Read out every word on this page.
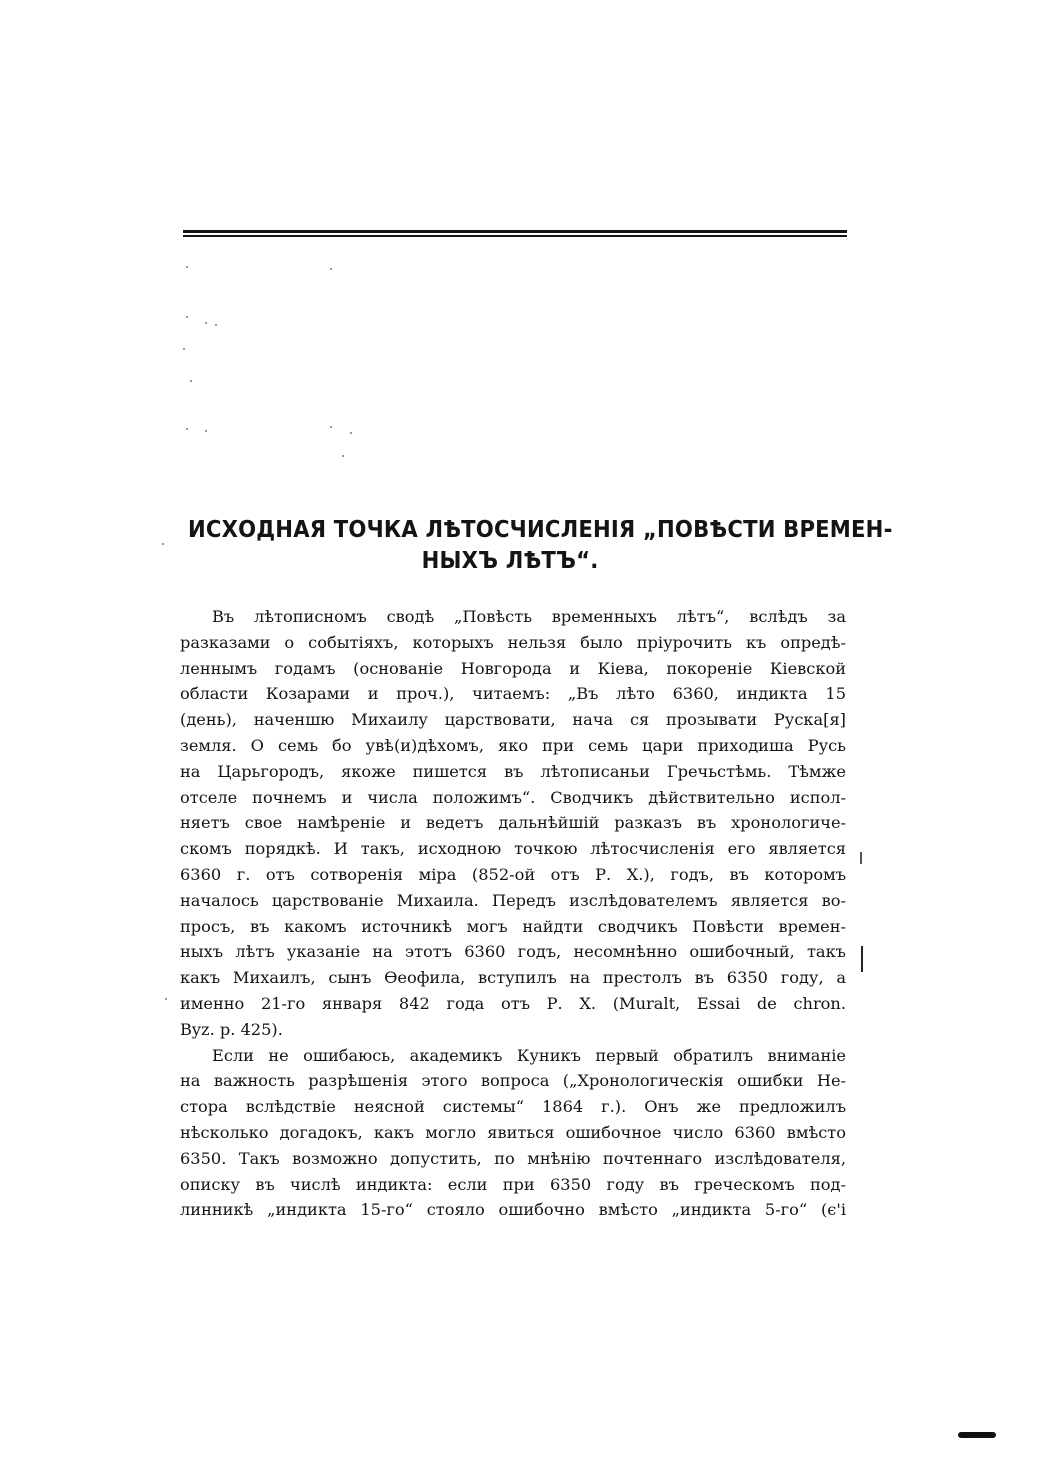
ИСХОДНАЯ ТОЧКА ЛѢТОСЧИСЛЕНІЯ „ПОВѢСТИ ВРЕМЕН-
НЫХЪ ЛѢТЪ“.

Въ лѣтописномъ сводѣ „Повѣсть временныхъ лѣтъ“, вслѣдъ за
разказами о событіяхъ, которыхъ нельзя было пріурочить къ опредѣ-
леннымъ годамъ (основаніе Новгорода и Кіева, покореніе Кіевской
области Козарами и проч.), читаемъ: „Въ лѣто 6360, индикта 15
(день), наченшю Михаилу царствовати, нача ся прозывати Руска[я]
земля. О семь бо увѣ(и)дѣхомъ, яко при семь цари приходиша Русь
на Царьгородъ, якоже пишется въ лѣтописаньи Гречьстѣмь. Тѣмже
отселе почнемъ и числа положимъ“. Сводчикъ дѣйствительно испол-
няетъ свое намѣреніе и ведетъ дальнѣйшій разказъ въ хронологиче-
скомъ порядкѣ. И такъ, исходною точкою лѣтосчисленія его является
6360 г. отъ сотворенія міра (852-ой отъ Р. Х.), годъ, въ которомъ
началось царствованіе Михаила. Передъ изслѣдователемъ является во-
просъ, въ какомъ источникѣ могъ найдти сводчикъ Повѣсти времен-
ныхъ лѣтъ указаніе на этотъ 6360 годъ, несомнѣнно ошибочный, такъ
какъ Михаилъ, сынъ Ѳеофила, вступилъ на престолъ въ 6350 году, а
именно 21-го января 842 года отъ Р. Х. (Muralt, Essai de chron.
Byz. p. 425).

Если не ошибаюсь, академикъ Куникъ первый обратилъ вниманіе
на важность разрѣшенія этого вопроса („Хронологическія ошибки Не-
стора вслѣдствіе неясной системы“ 1864 г.). Онъ же предложилъ
нѣсколько догадокъ, какъ могло явиться ошибочное число 6360 вмѣсто
6350. Такъ возможно допустить, по мнѣнію почтеннаго изслѣдователя,
описку въ числѣ индикта: если при 6350 году въ греческомъ под-
линникѣ „индикта 15-го“ стояло ошибочно вмѣсто „индикта 5-го“ (є'і
